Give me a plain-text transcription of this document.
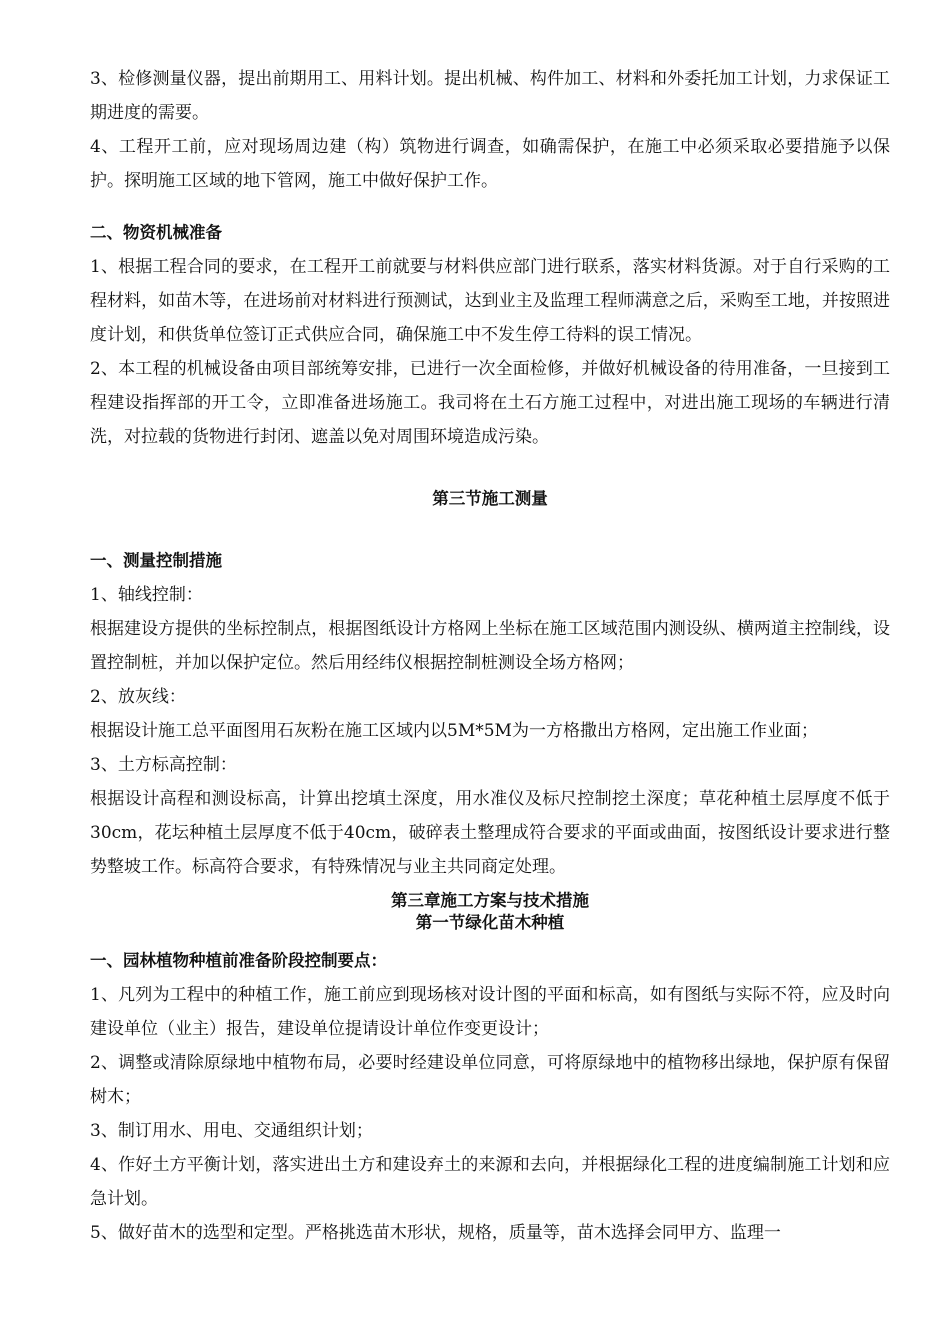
3、检修测量仪器，提出前期用工、用料计划。提出机械、构件加工、材料和外委托加工计划，力求保证工期进度的需要。

4、工程开工前，应对现场周边建（构）筑物进行调查，如确需保护，在施工中必须采取必要措施予以保护。探明施工区域的地下管网，施工中做好保护工作。

二、物资机械准备

1、根据工程合同的要求，在工程开工前就要与材料供应部门进行联系，落实材料货源。对于自行采购的工程材料，如苗木等，在进场前对材料进行预测试，达到业主及监理工程师满意之后，采购至工地，并按照进度计划，和供货单位签订正式供应合同，确保施工中不发生停工待料的误工情况。

2、本工程的机械设备由项目部统筹安排，已进行一次全面检修，并做好机械设备的待用准备，一旦接到工程建设指挥部的开工令，立即准备进场施工。我司将在土石方施工过程中，对进出施工现场的车辆进行清洗，对拉载的货物进行封闭、遮盖以免对周围环境造成污染。

第三节施工测量
一、测量控制措施

1、轴线控制：

根据建设方提供的坐标控制点，根据图纸设计方格网上坐标在施工区域范围内测设纵、横两道主控制线，设置控制桩，并加以保护定位。然后用经纬仪根据控制桩测设全场方格网；

2、放灰线：

根据设计施工总平面图用石灰粉在施工区域内以5M*5M为一方格撒出方格网，定出施工作业面；

3、土方标高控制：

根据设计高程和测设标高，计算出挖填土深度，用水准仪及标尺控制挖土深度；草花种植土层厚度不低于30cm，花坛种植土层厚度不低于40cm，破碎表土整理成符合要求的平面或曲面，按图纸设计要求进行整势整坡工作。标高符合要求，有特殊情况与业主共同商定处理。

第三章施工方案与技术措施
第一节绿化苗木种植
一、园林植物种植前准备阶段控制要点：

1、凡列为工程中的种植工作，施工前应到现场核对设计图的平面和标高，如有图纸与实际不符，应及时向建设单位（业主）报告，建设单位提请设计单位作变更设计；

2、调整或清除原绿地中植物布局，必要时经建设单位同意，可将原绿地中的植物移出绿地，保护原有保留树木；

3、制订用水、用电、交通组织计划；

4、作好土方平衡计划，落实进出土方和建设弃土的来源和去向，并根据绿化工程的进度编制施工计划和应急计划。

5、做好苗木的选型和定型。严格挑选苗木形状，规格，质量等，苗木选择会同甲方、监理一
